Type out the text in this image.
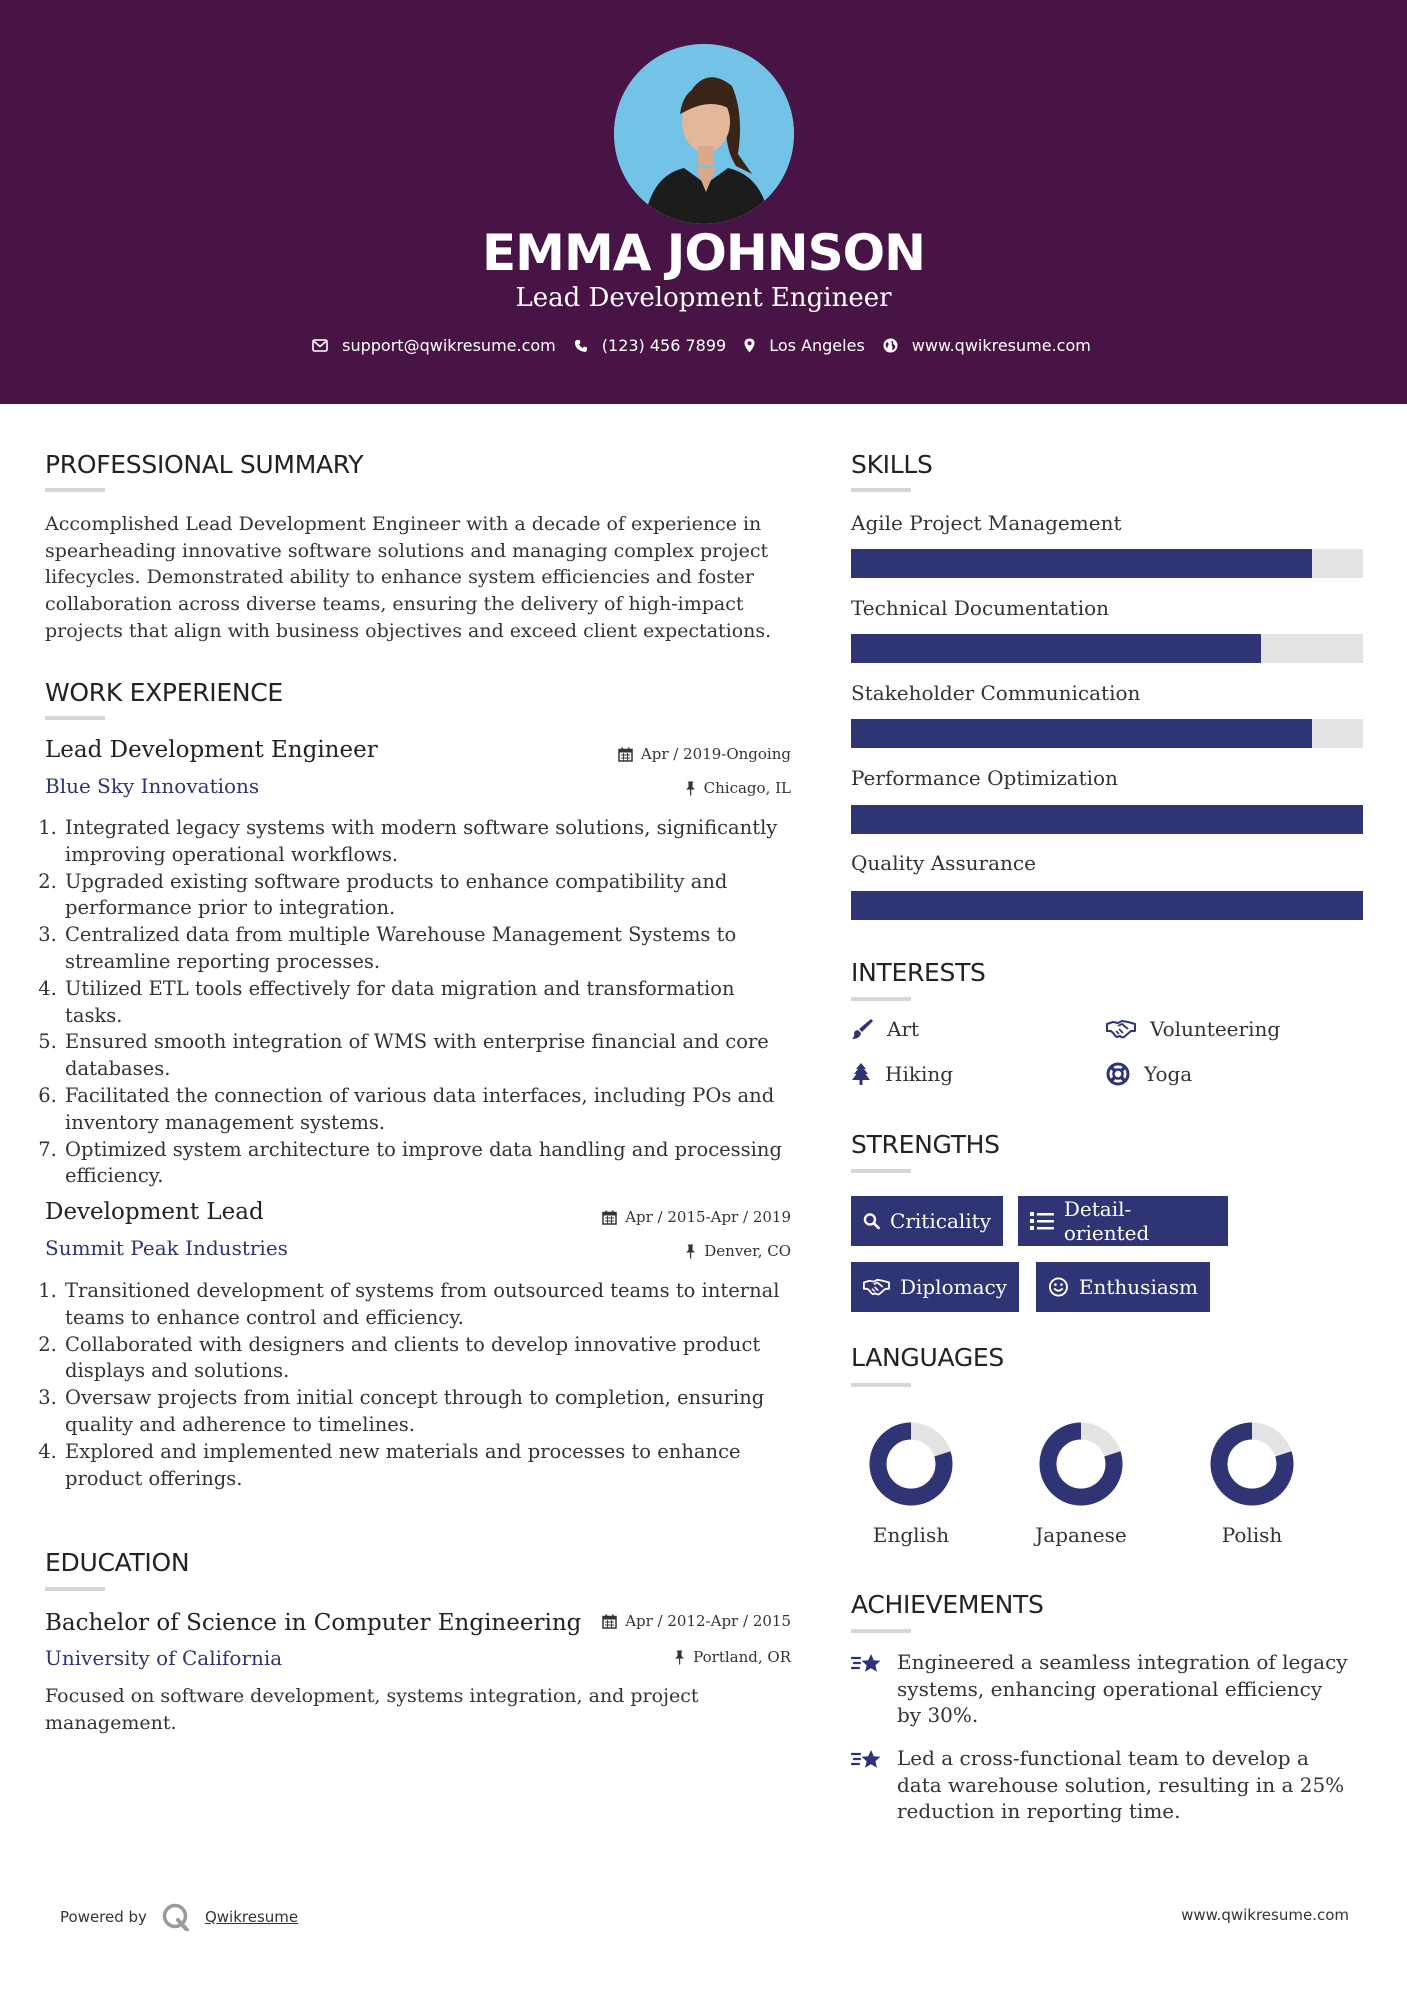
EMMA JOHNSON
Lead Development Engineer
support@qwikresume.com	(123) 456 7899	Los Angeles	www.qwikresume.com
PROFESSIONAL SUMMARY
Accomplished Lead Development Engineer with a decade of experience in spearheading innovative software solutions and managing complex project lifecycles. Demonstrated ability to enhance system efficiencies and foster collaboration across diverse teams, ensuring the delivery of high-impact projects that align with business objectives and exceed client expectations.
WORK EXPERIENCE
Lead Development Engineer	Apr / 2019-Ongoing
Blue Sky Innovations	Chicago, IL
1. Integrated legacy systems with modern software solutions, significantly improving operational workflows.
2. Upgraded existing software products to enhance compatibility and performance prior to integration.
3. Centralized data from multiple Warehouse Management Systems to streamline reporting processes.
4. Utilized ETL tools effectively for data migration and transformation tasks.
5. Ensured smooth integration of WMS with enterprise financial and core databases.
6. Facilitated the connection of various data interfaces, including POs and inventory management systems.
7. Optimized system architecture to improve data handling and processing efficiency.
Development Lead	Apr / 2015-Apr / 2019
Summit Peak Industries	Denver, CO
1. Transitioned development of systems from outsourced teams to internal teams to enhance control and efficiency.
2. Collaborated with designers and clients to develop innovative product displays and solutions.
3. Oversaw projects from initial concept through to completion, ensuring quality and adherence to timelines.
4. Explored and implemented new materials and processes to enhance product offerings.
EDUCATION
Bachelor of Science in Computer Engineering	Apr / 2012-Apr / 2015
University of California	Portland, OR
Focused on software development, systems integration, and project management.
SKILLS
Agile Project Management
Technical Documentation
Stakeholder Communication
Performance Optimization
Quality Assurance
INTERESTS
Art	Volunteering
Hiking	Yoga
STRENGTHS
Criticality	Detail-oriented
Diplomacy	Enthusiasm
LANGUAGES
English	Japanese	Polish
ACHIEVEMENTS
Engineered a seamless integration of legacy systems, enhancing operational efficiency by 30%.
Led a cross-functional team to develop a data warehouse solution, resulting in a 25% reduction in reporting time.
Powered by	Qwikresume	www.qwikresume.com
